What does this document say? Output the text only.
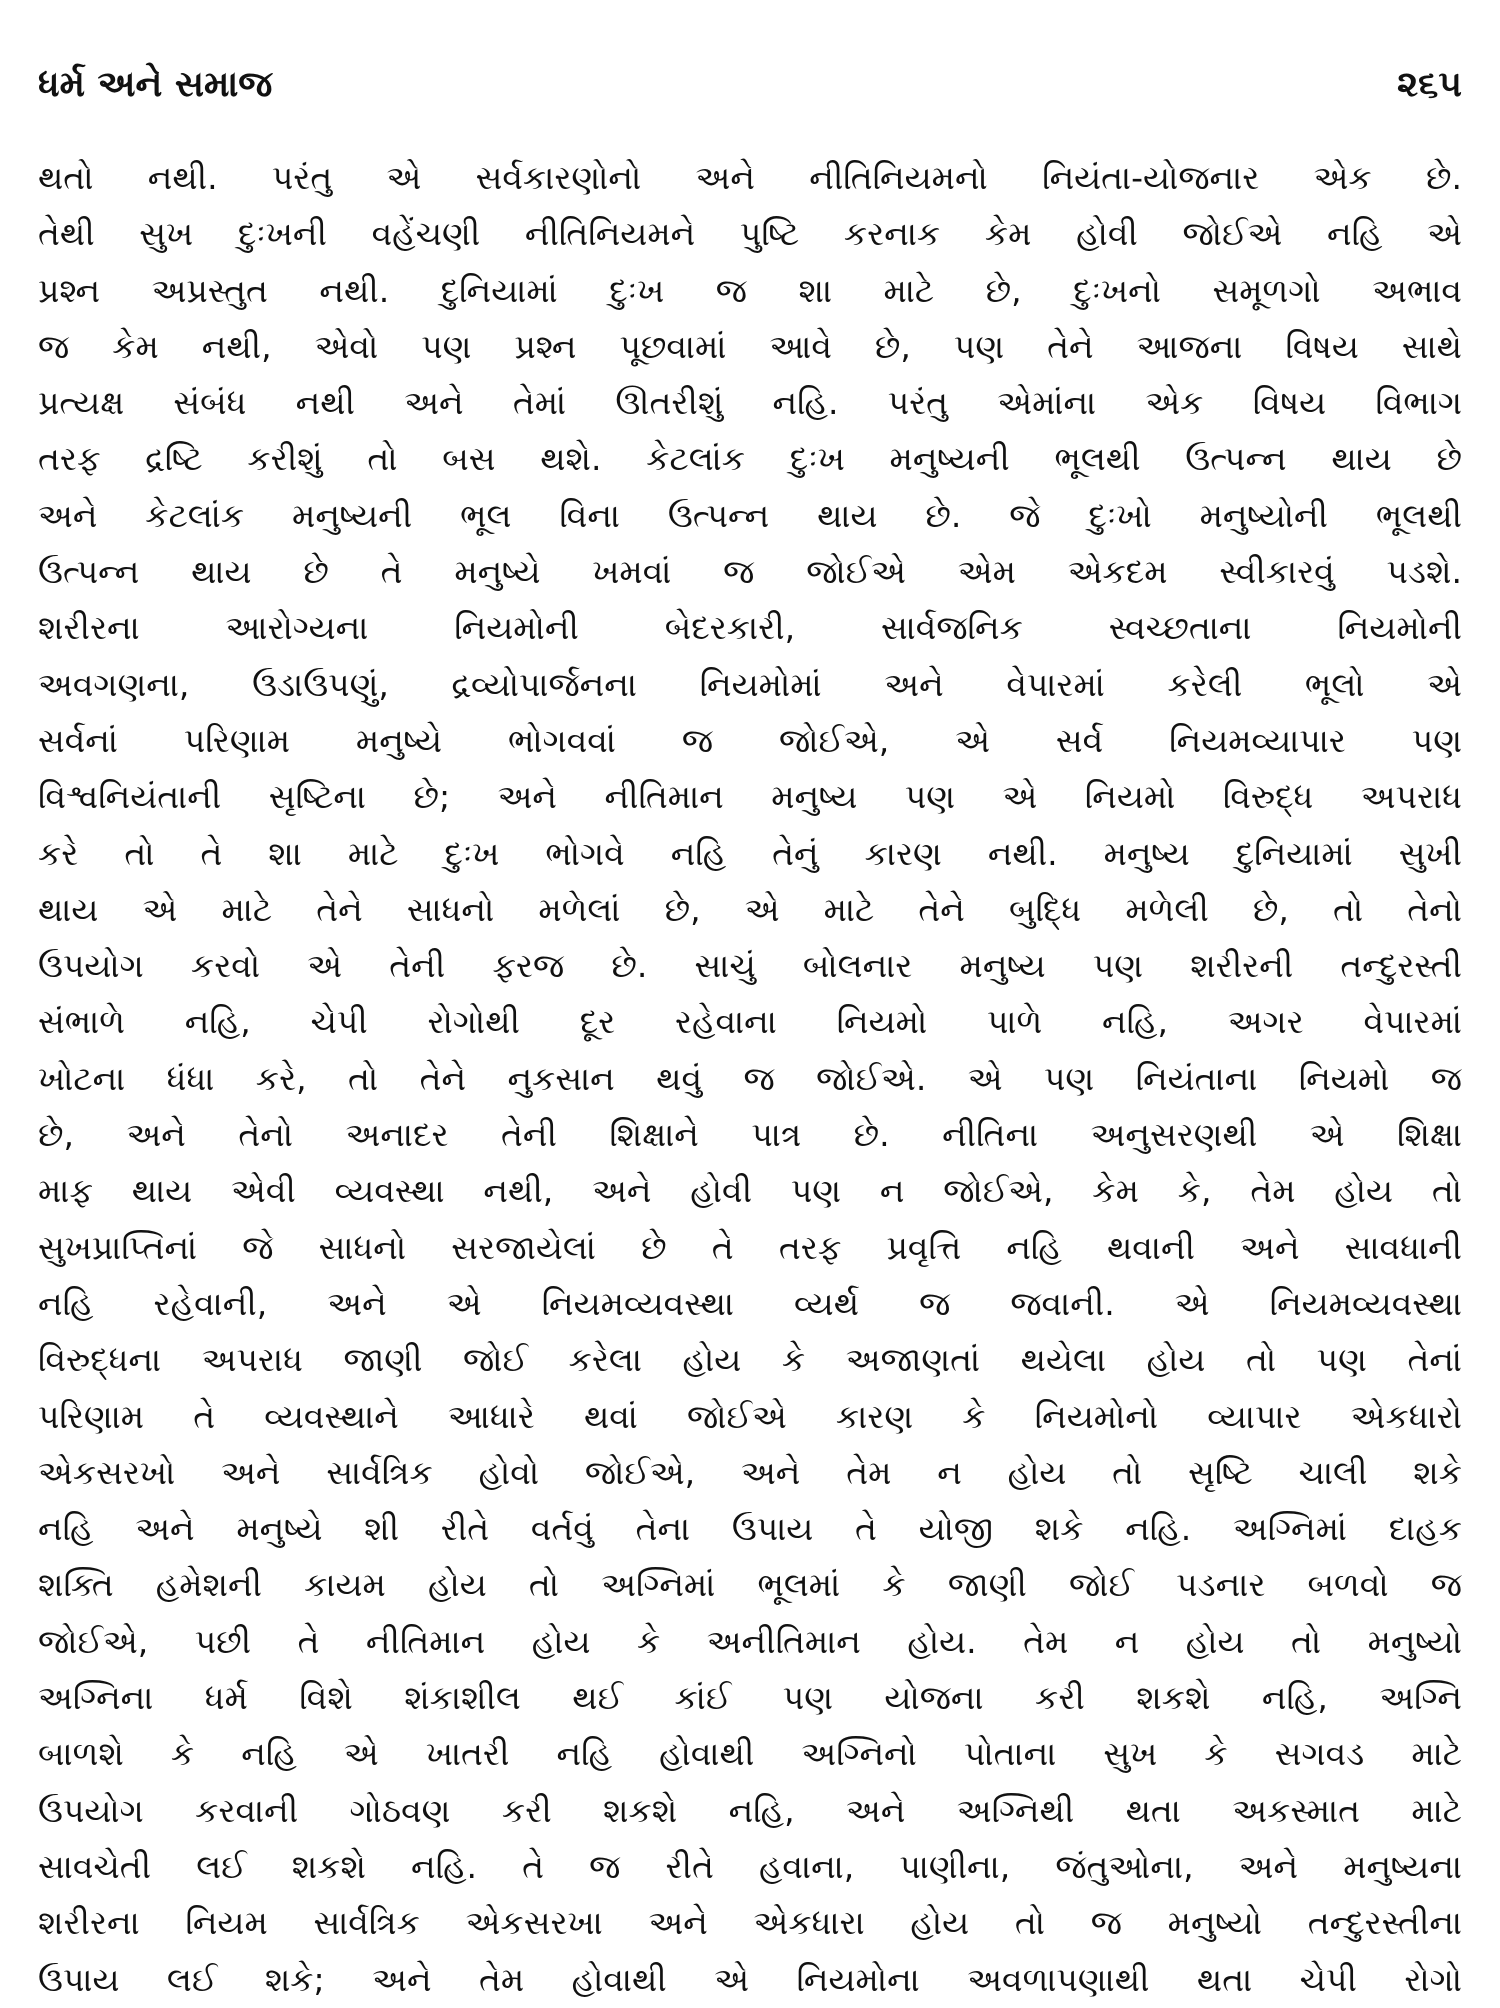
ધર્મ અને સમાજ	૨૬૫
થતો નથી. પરંતુ એ સર્વકારણોનો અને નીતિનિયમનો નિયંતા-યોજનાર એક છે.
તેથી સુખ દુઃખની વહેંચણી નીતિનિયમને પુષ્ટિ કરનાક કેમ હોવી જોઈએ નહિ એ
પ્રશ્ન અપ્રસ્તુત નથી. દુનિયામાં દુઃખ જ શા માટે છે, દુઃખનો સમૂળગો અભાવ
જ કેમ નથી, એવો પણ પ્રશ્ન પૂછવામાં આવે છે, પણ તેને આજના વિષય સાથે
પ્રત્યક્ષ સંબંધ નથી અને તેમાં ઊતરીશું નહિ. પરંતુ એમાંના એક વિષય વિભાગ
તરફ દ્રષ્ટિ કરીશું તો બસ થશે. કેટલાંક દુઃખ મનુષ્યની ભૂલથી ઉત્પન્ન થાય છે
અને કેટલાંક મનુષ્યની ભૂલ વિના ઉત્પન્ન થાય છે. જે દુઃખો મનુષ્યોની ભૂલથી
ઉત્પન્ન થાય છે તે મનુષ્યે ખમવાં જ જોઈએ એમ એકદમ સ્વીકારવું પડશે.
શરીરના આરોગ્યના નિયમોની બેદરકારી, સાર્વજનિક સ્વચ્છતાના નિયમોની
અવગણના, ઉડાઉપણું, દ્રવ્યોપાર્જનના નિયમોમાં અને વેપારમાં કરેલી ભૂલો એ
સર્વનાં પરિણામ મનુષ્યે ભોગવવાં જ જોઈએ, એ સર્વ નિયમવ્યાપાર પણ
વિશ્વનિયંતાની સૃષ્ટિના છે; અને નીતિમાન મનુષ્ય પણ એ નિયમો વિરુદ્ધ અપરાધ
કરે તો તે શા માટે દુઃખ ભોગવે નહિ તેનું કારણ નથી. મનુષ્ય દુનિયામાં સુખી
થાય એ માટે તેને સાધનો મળેલાં છે, એ માટે તેને બુદ્ધિ મળેલી છે, તો તેનો
ઉપયોગ કરવો એ તેની ફરજ છે. સાચું બોલનાર મનુષ્ય પણ શરીરની તન્દુરસ્તી
સંભાળે નહિ, ચેપી રોગોથી દૂર રહેવાના નિયમો પાળે નહિ, અગર વેપારમાં
ખોટના ધંધા કરે, તો તેને નુકસાન થવું જ જોઈએ. એ પણ નિયંતાના નિયમો જ
છે, અને તેનો અનાદર તેની શિક્ષાને પાત્ર છે. નીતિના અનુસરણથી એ શિક્ષા
માફ થાય એવી વ્યવસ્થા નથી, અને હોવી પણ ન જોઈએ, કેમ કે, તેમ હોય તો
સુખપ્રાપ્તિનાં જે સાધનો સરજાયેલાં છે તે તરફ પ્રવૃત્તિ નહિ થવાની અને સાવધાની
નહિ રહેવાની, અને એ નિયમવ્યવસ્થા વ્યર્થ જ જવાની. એ નિયમવ્યવસ્થા
વિરુદ્ધના અપરાધ જાણી જોઈ કરેલા હોય કે અજાણતાં થયેલા હોય તો પણ તેનાં
પરિણામ તે વ્યવસ્થાને આધારે થવાં જોઈએ કારણ કે નિયમોનો વ્યાપાર એકધારો
એકસરખો અને સાર્વત્રિક હોવો જોઈએ, અને તેમ ન હોય તો સૃષ્ટિ ચાલી શકે
નહિ અને મનુષ્યે શી રીતે વર્તવું તેના ઉપાય તે યોજી શકે નહિ. અગ્નિમાં દાહક
શક્તિ હમેશની કાયમ હોય તો અગ્નિમાં ભૂલમાં કે જાણી જોઈ પડનાર બળવો જ
જોઈએ, પછી તે નીતિમાન હોય કે અનીતિમાન હોય. તેમ ન હોય તો મનુષ્યો
અગ્નિના ધર્મ વિશે શંકાશીલ થઈ કાંઈ પણ યોજના કરી શકશે નહિ, અગ્નિ
બાળશે કે નહિ એ ખાતરી નહિ હોવાથી અગ્નિનો પોતાના સુખ કે સગવડ માટે
ઉપયોગ કરવાની ગોઠવણ કરી શકશે નહિ, અને અગ્નિથી થતા અકસ્માત માટે
સાવચેતી લઈ શકશે નહિ. તે જ રીતે હવાના, પાણીના, જંતુઓના, અને મનુષ્યના
શરીરના નિયમ સાર્વત્રિક એકસરખા અને એકધારા હોય તો જ મનુષ્યો તન્દુરસ્તીના
ઉપાય લઈ શકે; અને તેમ હોવાથી એ નિયમોના અવળાપણાથી થતા ચેપી રોગો
